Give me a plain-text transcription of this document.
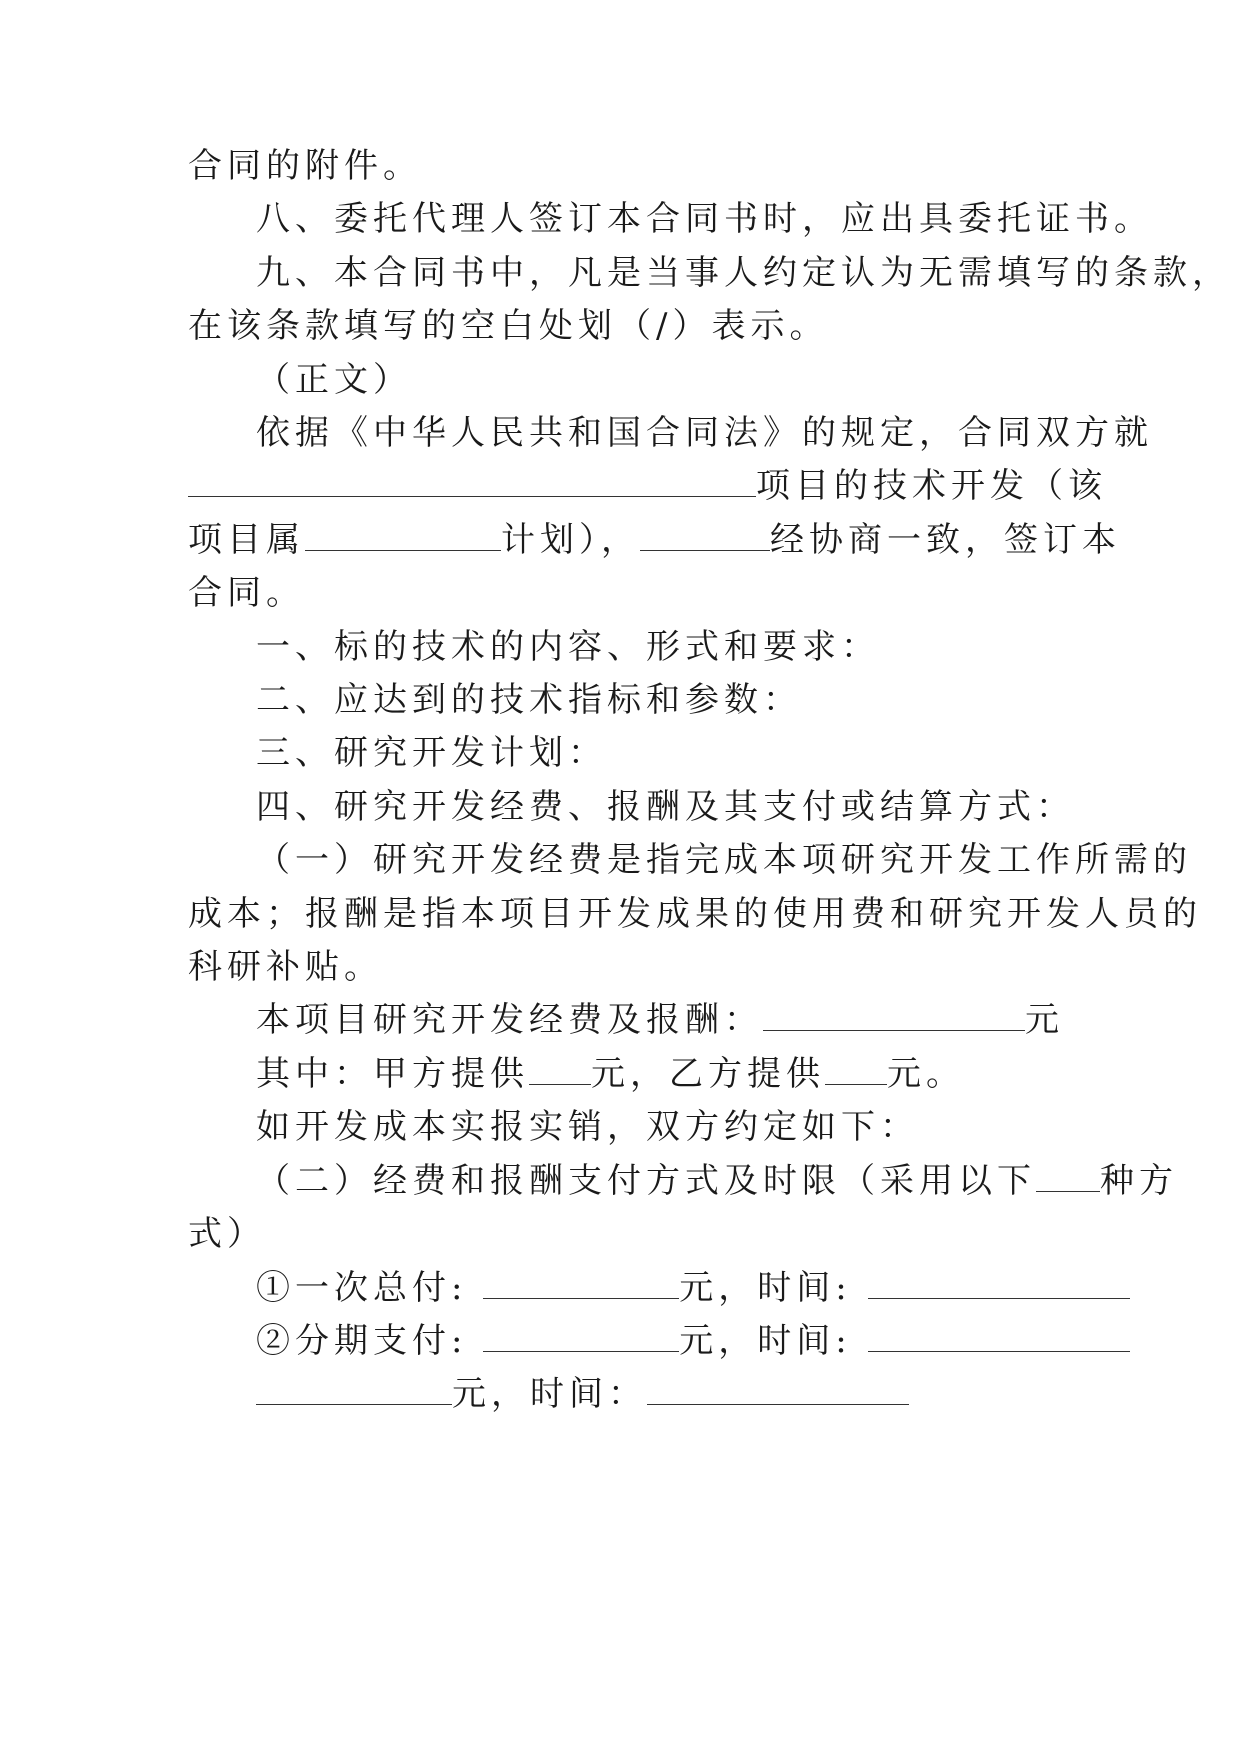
合同的附件。
八、委托代理人签订本合同书时，应出具委托证书。
九、本合同书中，凡是当事人约定认为无需填写的条款，
在该条款填写的空白处划（/）表示。
（正文）
依据《中华人民共和国合同法》的规定，合同双方就
项目的技术开发（该
项目属	计划），	经协商一致，签订本
合同。
一、标的技术的内容、形式和要求：
二、应达到的技术指标和参数：
三、研究开发计划：
四、研究开发经费、报酬及其支付或结算方式：
（一）研究开发经费是指完成本项研究开发工作所需的
成本；报酬是指本项目开发成果的使用费和研究开发人员的
科研补贴。
本项目研究开发经费及报酬：	元
其中：甲方提供 元，乙方提供 元。
如开发成本实报实销，双方约定如下：
（二）经费和报酬支付方式及时限（采用以下 种方
式）
①一次总付:	元，时间:
②分期支付:	元，时间:
元，时间：
